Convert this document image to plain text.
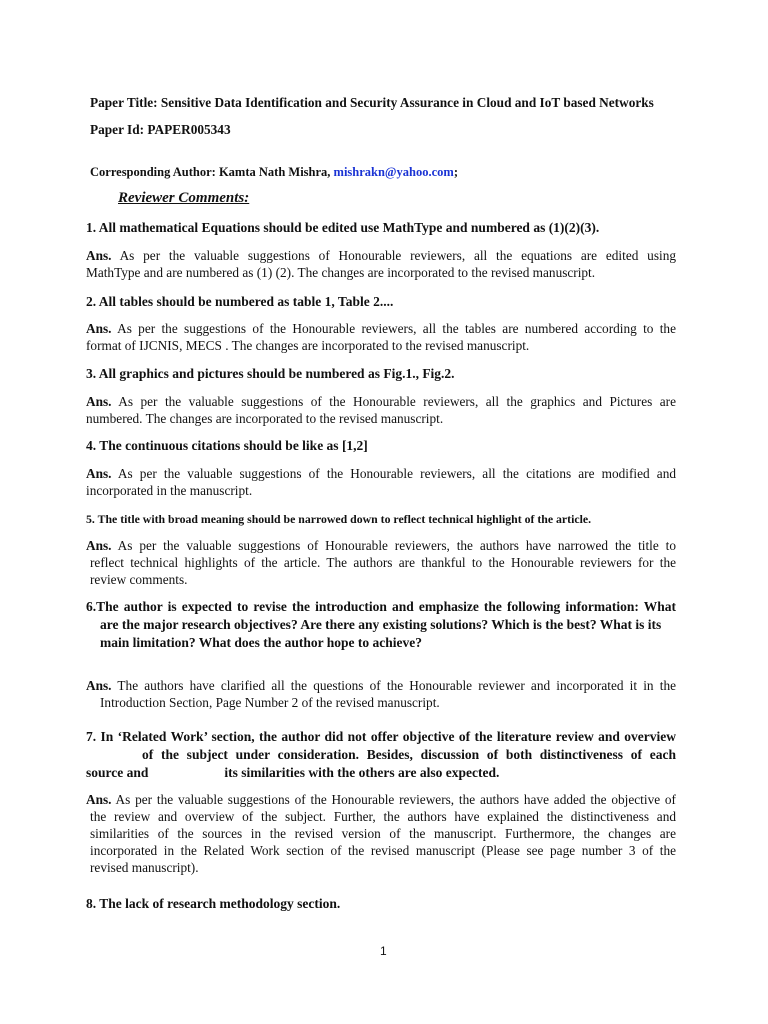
Paper Title: Sensitive Data Identification and Security Assurance in Cloud and IoT based Networks
Paper Id: PAPER005343
Corresponding Author: Kamta Nath Mishra, mishrakn@yahoo.com;
Reviewer Comments:
1. All mathematical Equations should be edited use MathType and numbered as (1)(2)(3).
Ans. As per the valuable suggestions of Honourable reviewers, all the equations are edited using
MathType and are numbered as (1) (2). The changes are incorporated to the revised manuscript.
2. All tables should be numbered as table 1, Table 2....
Ans. As per the suggestions of the Honourable reviewers, all the tables are numbered according to the
format of IJCNIS, MECS . The changes are incorporated to the revised manuscript.
3. All graphics and pictures should be numbered as Fig.1., Fig.2.
Ans. As per the valuable suggestions of the Honourable reviewers, all the graphics and Pictures are
numbered. The changes are incorporated to the revised manuscript.
4. The continuous citations should be like as [1,2]
Ans. As per the valuable suggestions of the Honourable reviewers, all the citations are modified and
incorporated in the manuscript.
5. The title with broad meaning should be narrowed down to reflect technical highlight of the article.
Ans. As per the valuable suggestions of Honourable reviewers, the authors have narrowed the title to
reflect technical highlights of the article. The authors are thankful to the Honourable reviewers for the
review comments.
6.The author is expected to revise the introduction and emphasize the following information: What
are the major research objectives? Are there any existing solutions? Which is the best? What is its
main limitation? What does the author hope to achieve?
Ans. The authors have clarified all the questions of the Honourable reviewer and incorporated it in the
Introduction Section, Page Number 2 of the revised manuscript.
7. In ‘Related Work’ section, the author did not offer objective of the literature review and overview
of the subject under consideration. Besides, discussion of both distinctiveness of each
source and	its similarities with the others are also expected.
Ans. As per the valuable suggestions of the Honourable reviewers, the authors have added the objective of
the review and overview of the subject. Further, the authors have explained the distinctiveness and
similarities of the sources in the revised version of the manuscript. Furthermore, the changes are
incorporated in the Related Work section of the revised manuscript (Please see page number 3 of the
revised manuscript).
8. The lack of research methodology section.
1
